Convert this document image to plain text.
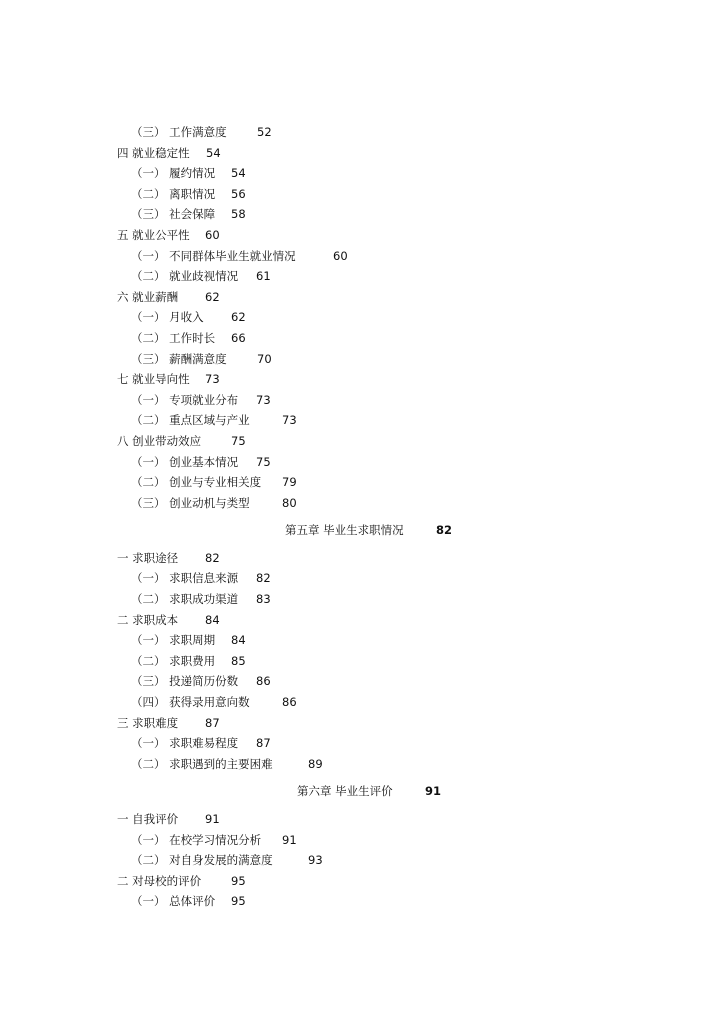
（三） 工作满意度	52
四 就业稳定性 54
（一） 履约情况 54
（二） 离职情况 56
（三） 社会保障 58
五 就业公平性 60
（一） 不同群体毕业生就业情况	60
（二） 就业歧视情况 61
六 就业薪酬 62
（一） 月收入 62
（二） 工作时长 66
（三） 薪酬满意度	70
七 就业导向性 73
（一） 专项就业分布 73
（二） 重点区域与产业	73
八 创业带动效应	75
（一） 创业基本情况 75
（二） 创业与专业相关度 79
（三） 创业动机与类型	80
第五章 毕业生求职情况	82
一 求职途径 82
（一） 求职信息来源 82
（二） 求职成功渠道 83
二 求职成本 84
（一） 求职周期 84
（二） 求职费用 85
（三） 投递简历份数 86
（四） 获得录用意向数	86
三 求职难度 87
（一） 求职难易程度 87
（二） 求职遇到的主要困难	89
第六章 毕业生评价	91
一 自我评价 91
（一） 在校学习情况分析 91
（二） 对自身发展的满意度	93
二 对母校的评价	95
（一） 总体评价 95
